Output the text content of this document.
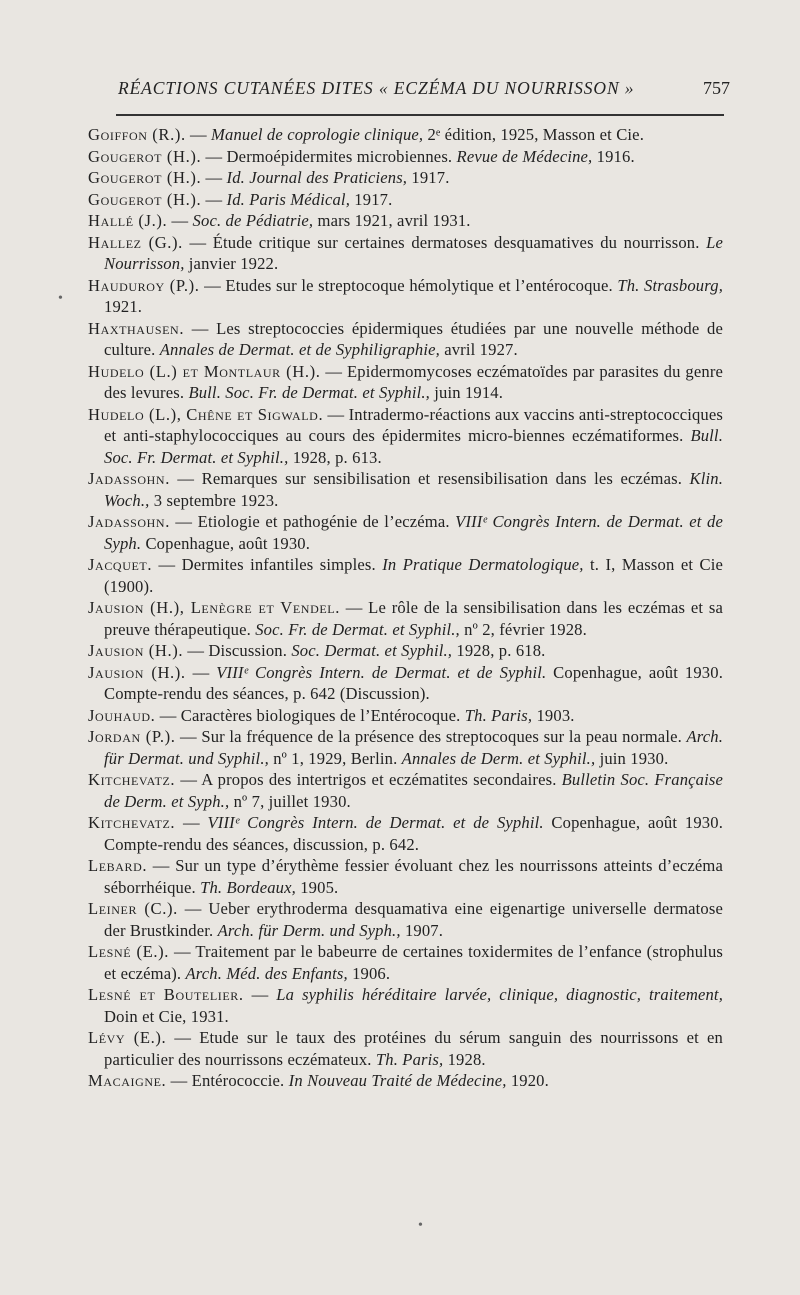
RÉACTIONS CUTANÉES DITES « ECZÉMA DU NOURRISSON »	757
•
•

Goiffon (R.). — Manuel de coprologie clinique, 2ᵉ édition, 1925, Masson et Cie.

Gougerot (H.). — Dermoépidermites microbiennes. Revue de Médecine, 1916.

Gougerot (H.). — Id. Journal des Praticiens, 1917.

Gougerot (H.). — Id. Paris Médical, 1917.

Hallé (J.). — Soc. de Pédiatrie, mars 1921, avril 1931.

Hallez (G.). — Étude critique sur certaines dermatoses desquamatives du nourrisson. Le Nourrisson, janvier 1922.

Hauduroy (P.). — Etudes sur le streptocoque hémolytique et l’entérocoque. Th. Strasbourg, 1921.

Haxthausen. — Les streptococcies épidermiques étudiées par une nouvelle méthode de culture. Annales de Dermat. et de Syphiligraphie, avril 1927.

Hudelo (L.) et Montlaur (H.). — Epidermomycoses eczématoïdes par parasites du genre des levures. Bull. Soc. Fr. de Dermat. et Syphil., juin 1914.

Hudelo (L.), Chêne et Sigwald. — Intradermo-réactions aux vaccins anti-streptococciques et anti-staphylococciques au cours des épidermites micro-biennes eczématiformes. Bull. Soc. Fr. Dermat. et Syphil., 1928, p. 613.

Jadassohn. — Remarques sur sensibilisation et resensibilisation dans les eczémas. Klin. Woch., 3 septembre 1923.

Jadassohn. — Etiologie et pathogénie de l’eczéma. VIIIᵉ Congrès Intern. de Dermat. et de Syph. Copenhague, août 1930.

Jacquet. — Dermites infantiles simples. In Pratique Dermatologique, t. I, Masson et Cie (1900).

Jausion (H.), Lenègre et Vendel. — Le rôle de la sensibilisation dans les eczémas et sa preuve thérapeutique. Soc. Fr. de Dermat. et Syphil., nº 2, février 1928.

Jausion (H.). — Discussion. Soc. Dermat. et Syphil., 1928, p. 618.

Jausion (H.). — VIIIᵉ Congrès Intern. de Dermat. et de Syphil. Copenhague, août 1930. Compte-rendu des séances, p. 642 (Discussion).

Jouhaud. — Caractères biologiques de l’Entérocoque. Th. Paris, 1903.

Jordan (P.). — Sur la fréquence de la présence des streptocoques sur la peau normale. Arch. für Dermat. und Syphil., nº 1, 1929, Berlin. Annales de Derm. et Syphil., juin 1930.

Kitchevatz. — A propos des intertrigos et eczématites secondaires. Bulletin Soc. Française de Derm. et Syph., nº 7, juillet 1930.

Kitchevatz. — VIIIᵉ Congrès Intern. de Dermat. et de Syphil. Copenhague, août 1930. Compte-rendu des séances, discussion, p. 642.

Lebard. — Sur un type d’érythème fessier évoluant chez les nourrissons atteints d’eczéma séborrhéique. Th. Bordeaux, 1905.

Leiner (C.). — Ueber erythroderma desquamativa eine eigenartige universelle dermatose der Brustkinder. Arch. für Derm. und Syph., 1907.

Lesné (E.). — Traitement par le babeurre de certaines toxidermites de l’enfance (strophulus et eczéma). Arch. Méd. des Enfants, 1906.

Lesné et Boutelier. — La syphilis héréditaire larvée, clinique, diagnostic, traitement, Doin et Cie, 1931.

Lévy (E.). — Etude sur le taux des protéines du sérum sanguin des nourrissons et en particulier des nourrissons eczémateux. Th. Paris, 1928.

Macaigne. — Entérococcie. In Nouveau Traité de Médecine, 1920.
